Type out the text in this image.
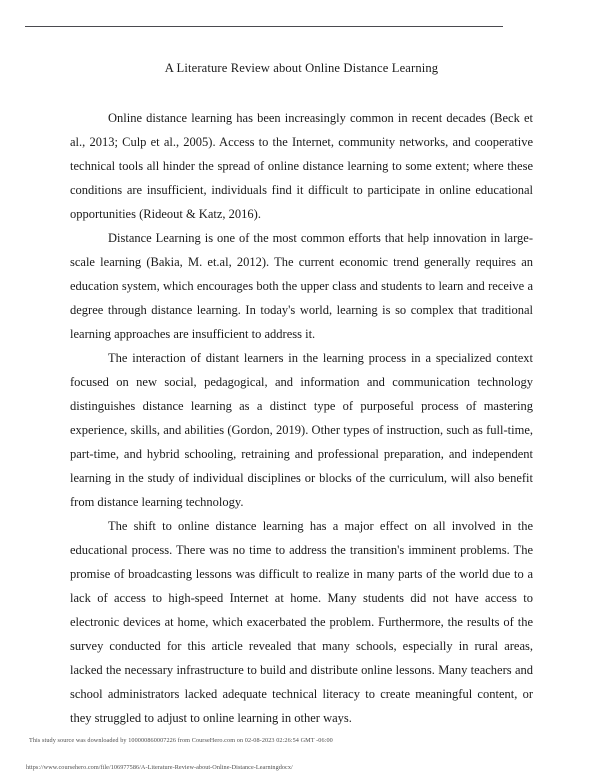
A Literature Review about Online Distance Learning

Online distance learning has been increasingly common in recent decades (Beck et al., 2013; Culp et al., 2005). Access to the Internet, community networks, and cooperative technical tools all hinder the spread of online distance learning to some extent; where these conditions are insufficient, individuals find it difficult to participate in online educational opportunities (Rideout & Katz, 2016).

Distance Learning is one of the most common efforts that help innovation in large-scale learning (Bakia, M. et.al, 2012). The current economic trend generally requires an education system, which encourages both the upper class and students to learn and receive a degree through distance learning. In today's world, learning is so complex that traditional learning approaches are insufficient to address it.

The interaction of distant learners in the learning process in a specialized context focused on new social, pedagogical, and information and communication technology distinguishes distance learning as a distinct type of purposeful process of mastering experience, skills, and abilities (Gordon, 2019). Other types of instruction, such as full-time, part-time, and hybrid schooling, retraining and professional preparation, and independent learning in the study of individual disciplines or blocks of the curriculum, will also benefit from distance learning technology.

The shift to online distance learning has a major effect on all involved in the educational process. There was no time to address the transition's imminent problems. The promise of broadcasting lessons was difficult to realize in many parts of the world due to a lack of access to high-speed Internet at home. Many students did not have access to electronic devices at home, which exacerbated the problem. Furthermore, the results of the survey conducted for this article revealed that many schools, especially in rural areas, lacked the necessary infrastructure to build and distribute online lessons. Many teachers and school administrators lacked adequate technical literacy to create meaningful content, or they struggled to adjust to online learning in other ways.

This study source was downloaded by 100000860007226 from CourseHero.com on 02-08-2023 02:26:54 GMT -06:00
https://www.coursehero.com/file/106977586/A-Literature-Review-about-Online-Distance-Learningdocx/
